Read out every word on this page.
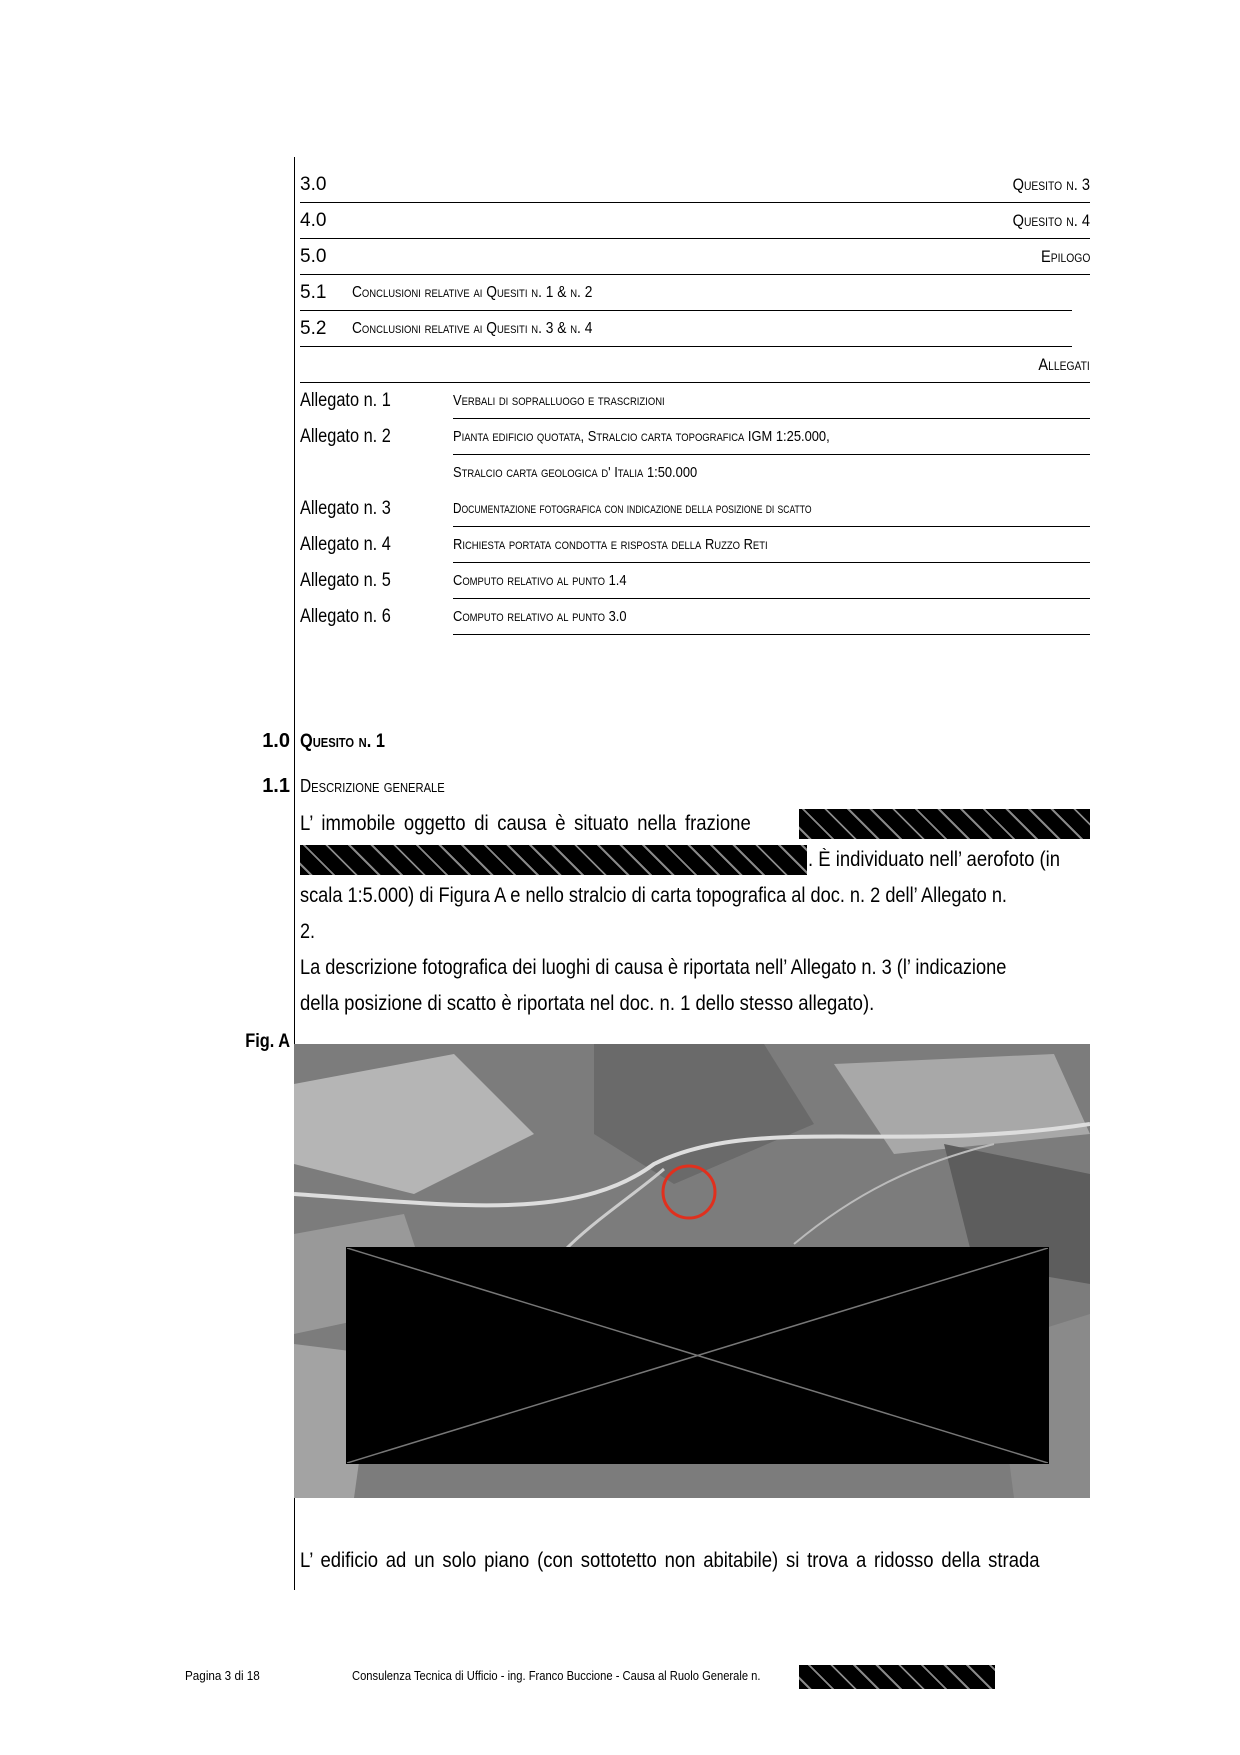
3.0	Quesito n. 3
4.0	Quesito n. 4
5.0	Epilogo
5.1 Conclusioni relative ai Quesiti n. 1 & n. 2
5.2 Conclusioni relative ai Quesiti n. 3 & n. 4
Allegati
Allegato n. 1	Verbali di sopralluogo e trascrizioni
Allegato n. 2	Pianta edificio quotata, Stralcio carta topografica IGM 1:25.000,
Stralcio carta geologica d' Italia 1:50.000
Allegato n. 3	Documentazione fotografica con indicazione della posizione di scatto
Allegato n. 4	Richiesta portata condotta e risposta della Ruzzo Reti
Allegato n. 5	Computo relativo al punto 1.4
Allegato n. 6	Computo relativo al punto 3.0
1.0 Quesito n. 1
1.1 Descrizione generale
L’ immobile oggetto di causa è situato nella frazione
. È individuato nell’ aerofoto (in
scala 1:5.000) di Figura A e nello stralcio di carta topografica al doc. n. 2 dell’ Allegato n.
2.
La descrizione fotografica dei luoghi di causa è riportata nell’ Allegato n. 3 (l’ indicazione
della posizione di scatto è riportata nel doc. n. 1 dello stesso allegato).
Fig. A
L’ edificio ad un solo piano (con sottotetto non abitabile) si trova a ridosso della strada
Pagina 3 di 18	Consulenza Tecnica di Ufficio - ing. Franco Buccione - Causa al Ruolo Generale n.
